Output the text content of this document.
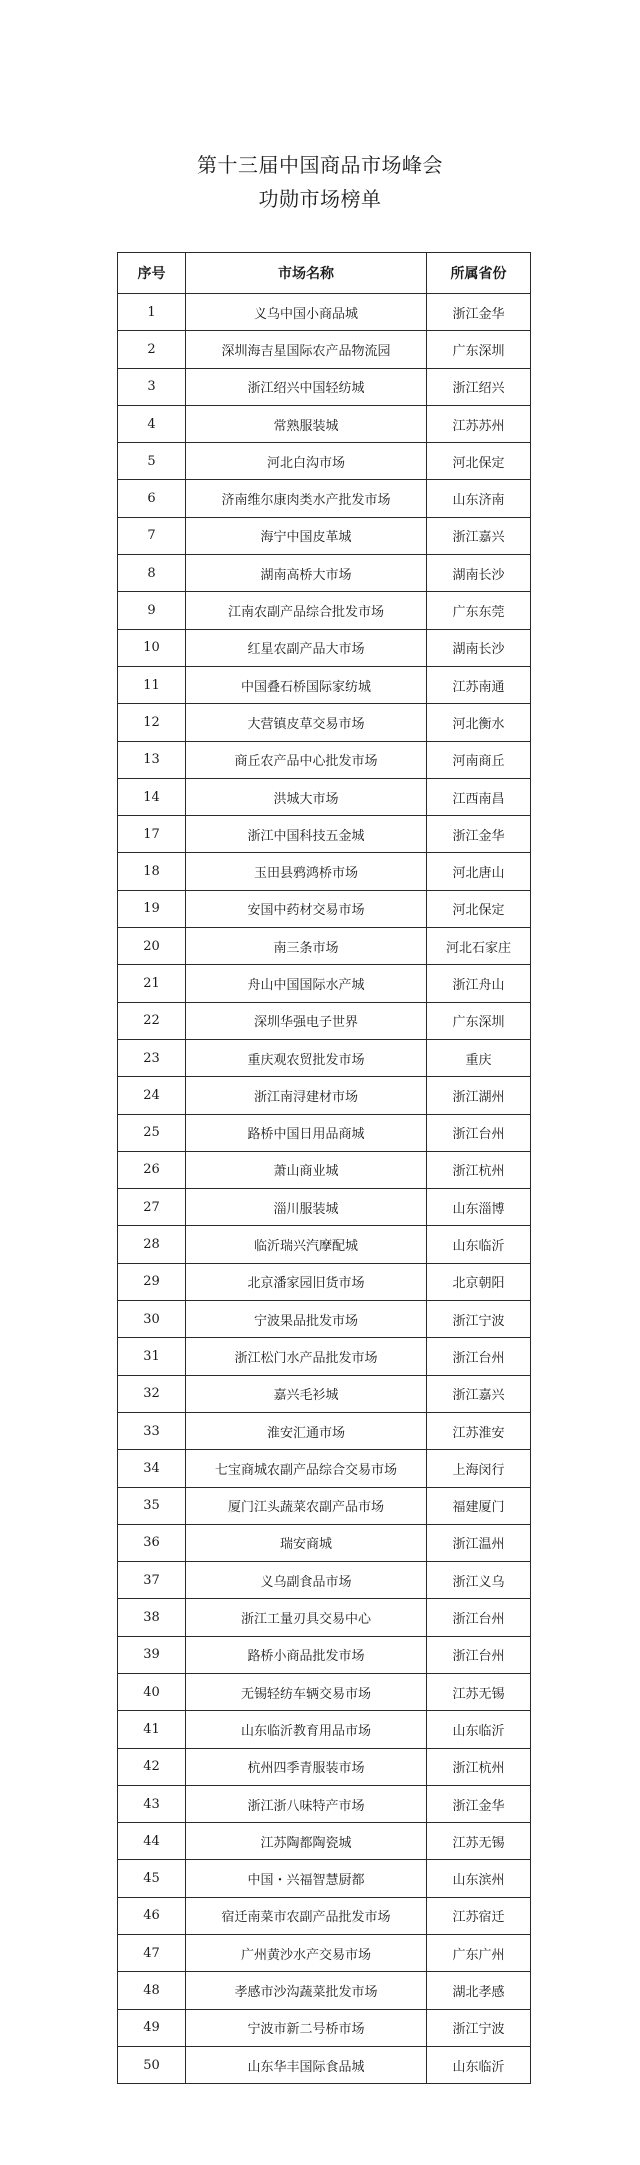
第十三届中国商品市场峰会
功勋市场榜单
序号	市场名称	所属省份
1	义乌中国小商品城	浙江金华
2	深圳海吉星国际农产品物流园	广东深圳
3	浙江绍兴中国轻纺城	浙江绍兴
4	常熟服装城	江苏苏州
5	河北白沟市场	河北保定
6	济南维尔康肉类水产批发市场	山东济南
7	海宁中国皮革城	浙江嘉兴
8	湖南高桥大市场	湖南长沙
9	江南农副产品综合批发市场	广东东莞
10	红星农副产品大市场	湖南长沙
11	中国叠石桥国际家纺城	江苏南通
12	大营镇皮草交易市场	河北衡水
13	商丘农产品中心批发市场	河南商丘
14	洪城大市场	江西南昌
17	浙江中国科技五金城	浙江金华
18	玉田县鸦鸿桥市场	河北唐山
19	安国中药材交易市场	河北保定
20	南三条市场	河北石家庄
21	舟山中国国际水产城	浙江舟山
22	深圳华强电子世界	广东深圳
23	重庆观农贸批发市场	重庆
24	浙江南浔建材市场	浙江湖州
25	路桥中国日用品商城	浙江台州
26	萧山商业城	浙江杭州
27	淄川服装城	山东淄博
28	临沂瑞兴汽摩配城	山东临沂
29	北京潘家园旧货市场	北京朝阳
30	宁波果品批发市场	浙江宁波
31	浙江松门水产品批发市场	浙江台州
32	嘉兴毛衫城	浙江嘉兴
33	淮安汇通市场	江苏淮安
34	七宝商城农副产品综合交易市场	上海闵行
35	厦门江头蔬菜农副产品市场	福建厦门
36	瑞安商城	浙江温州
37	义乌副食品市场	浙江义乌
38	浙江工量刃具交易中心	浙江台州
39	路桥小商品批发市场	浙江台州
40	无锡轻纺车辆交易市场	江苏无锡
41	山东临沂教育用品市场	山东临沂
42	杭州四季青服装市场	浙江杭州
43	浙江浙八味特产市场	浙江金华
44	江苏陶都陶瓷城	江苏无锡
45	中国・兴福智慧厨都	山东滨州
46	宿迁南菜市农副产品批发市场	江苏宿迁
47	广州黄沙水产交易市场	广东广州
48	孝感市沙沟蔬菜批发市场	湖北孝感
49	宁波市新二号桥市场	浙江宁波
50	山东华丰国际食品城	山东临沂
